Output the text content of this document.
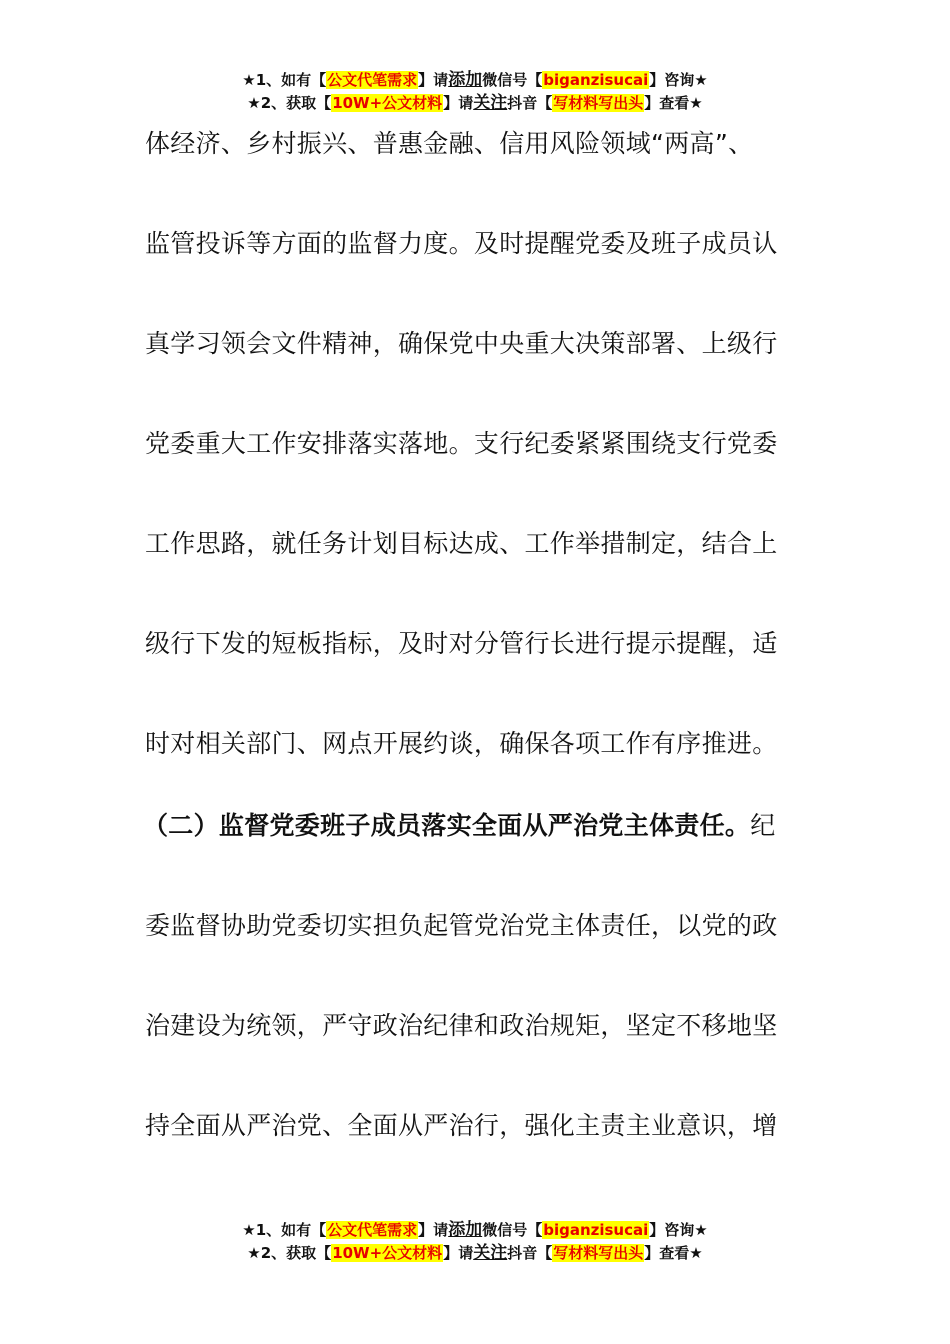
★1、如有【公文代笔需求】请添加微信号【biganzisucai】咨询★
★2、获取【10W+公文材料】请关注抖音【写材料写出头】查看★
体经济、乡村振兴、普惠金融、信用风险领域“两高”、
监管投诉等方面的监督力度。及时提醒党委及班子成员认
真学习领会文件精神，确保党中央重大决策部署、上级行
党委重大工作安排落实落地。支行纪委紧紧围绕支行党委
工作思路，就任务计划目标达成、工作举措制定，结合上
级行下发的短板指标，及时对分管行长进行提示提醒，适
时对相关部门、网点开展约谈，确保各项工作有序推进。
（二）监督党委班子成员落实全面从严治党主体责任。纪
委监督协助党委切实担负起管党治党主体责任，以党的政
治建设为统领，严守政治纪律和政治规矩，坚定不移地坚
持全面从严治党、全面从严治行，强化主责主业意识，增
★1、如有【公文代笔需求】请添加微信号【biganzisucai】咨询★
★2、获取【10W+公文材料】请关注抖音【写材料写出头】查看★
